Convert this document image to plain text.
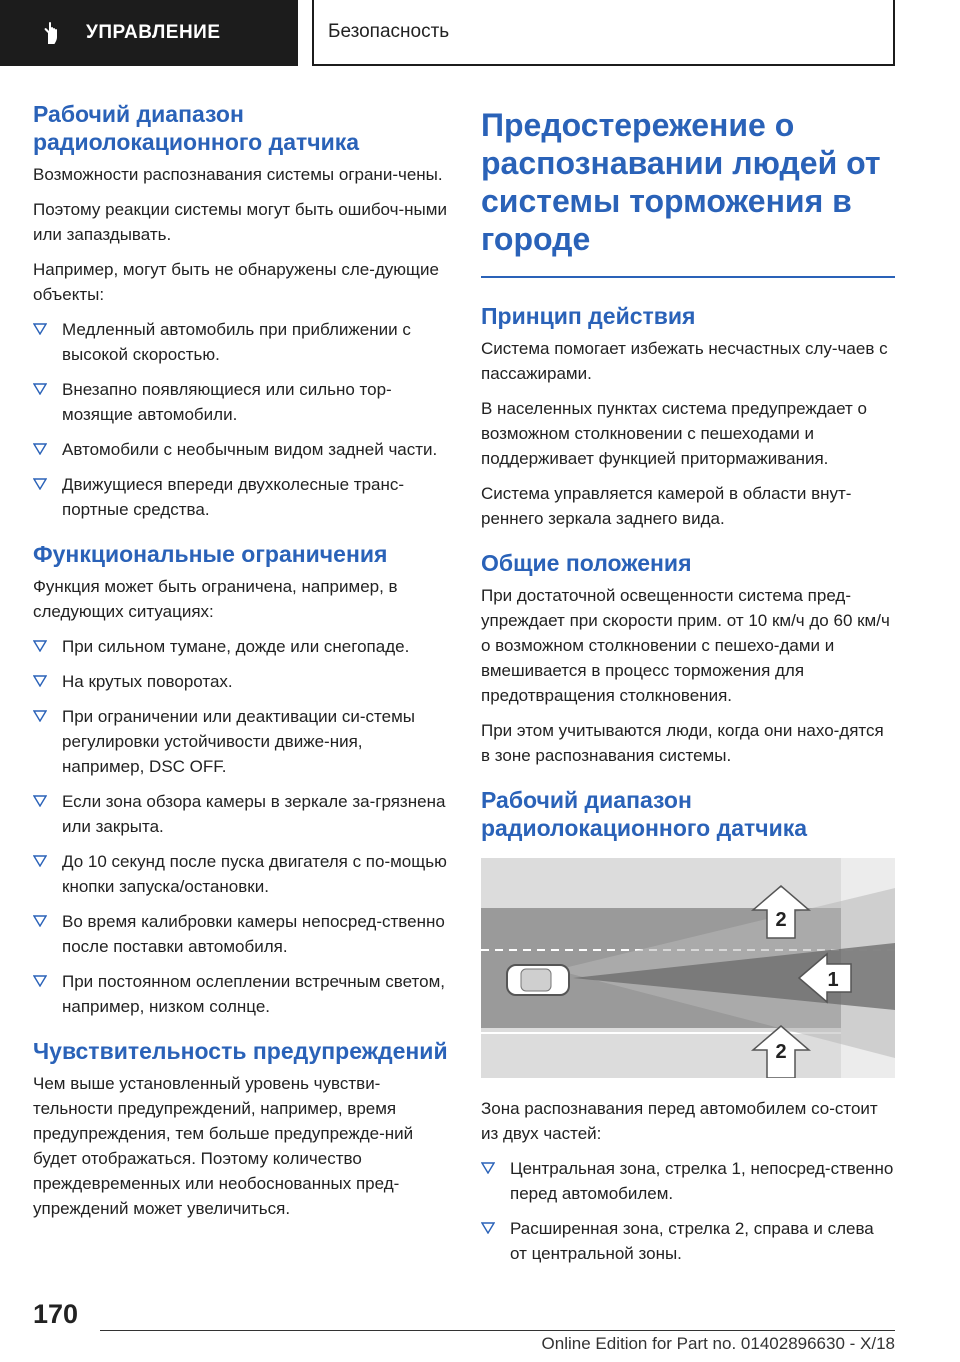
УПРАВЛЕНИЕ	Безопасность
Рабочий диапазон радиолокационного датчика

Возможности распознавания системы ограни-чены.

Поэтому реакции системы могут быть ошибоч-ными или запаздывать.

Например, могут быть не обнаружены сле-дующие объекты:

Медленный автомобиль при приближении с высокой скоростью.
Внезапно появляющиеся или сильно тор-мозящие автомобили.
Автомобили с необычным видом задней части.
Движущиеся впереди двухколесные транс-портные средства.
Функциональные ограничения

Функция может быть ограничена, например, в следующих ситуациях:

При сильном тумане, дожде или снегопаде.
На крутых поворотах.
При ограничении или деактивации си-стемы регулировки устойчивости движе-ния, например, DSC OFF.
Если зона обзора камеры в зеркале за-грязнена или закрыта.
До 10 секунд после пуска двигателя с по-мощью кнопки запуска/остановки.
Во время калибровки камеры непосред-ственно после поставки автомобиля.
При постоянном ослеплении встречным светом, например, низком солнце.
Чувствительность предупреждений

Чем выше установленный уровень чувстви-тельности предупреждений, например, время предупреждения, тем больше предупрежде-ний будет отображаться. Поэтому количество преждевременных или необоснованных пред-упреждений может увеличиться.

Предостережение о распознавании людей от системы торможения в городе
Принцип действия

Система помогает избежать несчастных слу-чаев с пассажирами.

В населенных пунктах система предупреждает о возможном столкновении с пешеходами и поддерживает функцией притормаживания.

Система управляется камерой в области внут-реннего зеркала заднего вида.

Общие положения

При достаточной освещенности система пред-упреждает при скорости прим. от 10 км/ч до 60 км/ч о возможном столкновении с пешехо-дами и вмешивается в процесс торможения для предотвращения столкновения.

При этом учитываются люди, когда они нахо-дятся в зоне распознавания системы.

Рабочий диапазон радиолокационного датчика
2
1
2

Зона распознавания перед автомобилем со-стоит из двух частей:

Центральная зона, стрелка 1, непосред-ственно перед автомобилем.
Расширенная зона, стрелка 2, справа и слева от центральной зоны.
170
Online Edition for Part no. 01402896630 - X/18
